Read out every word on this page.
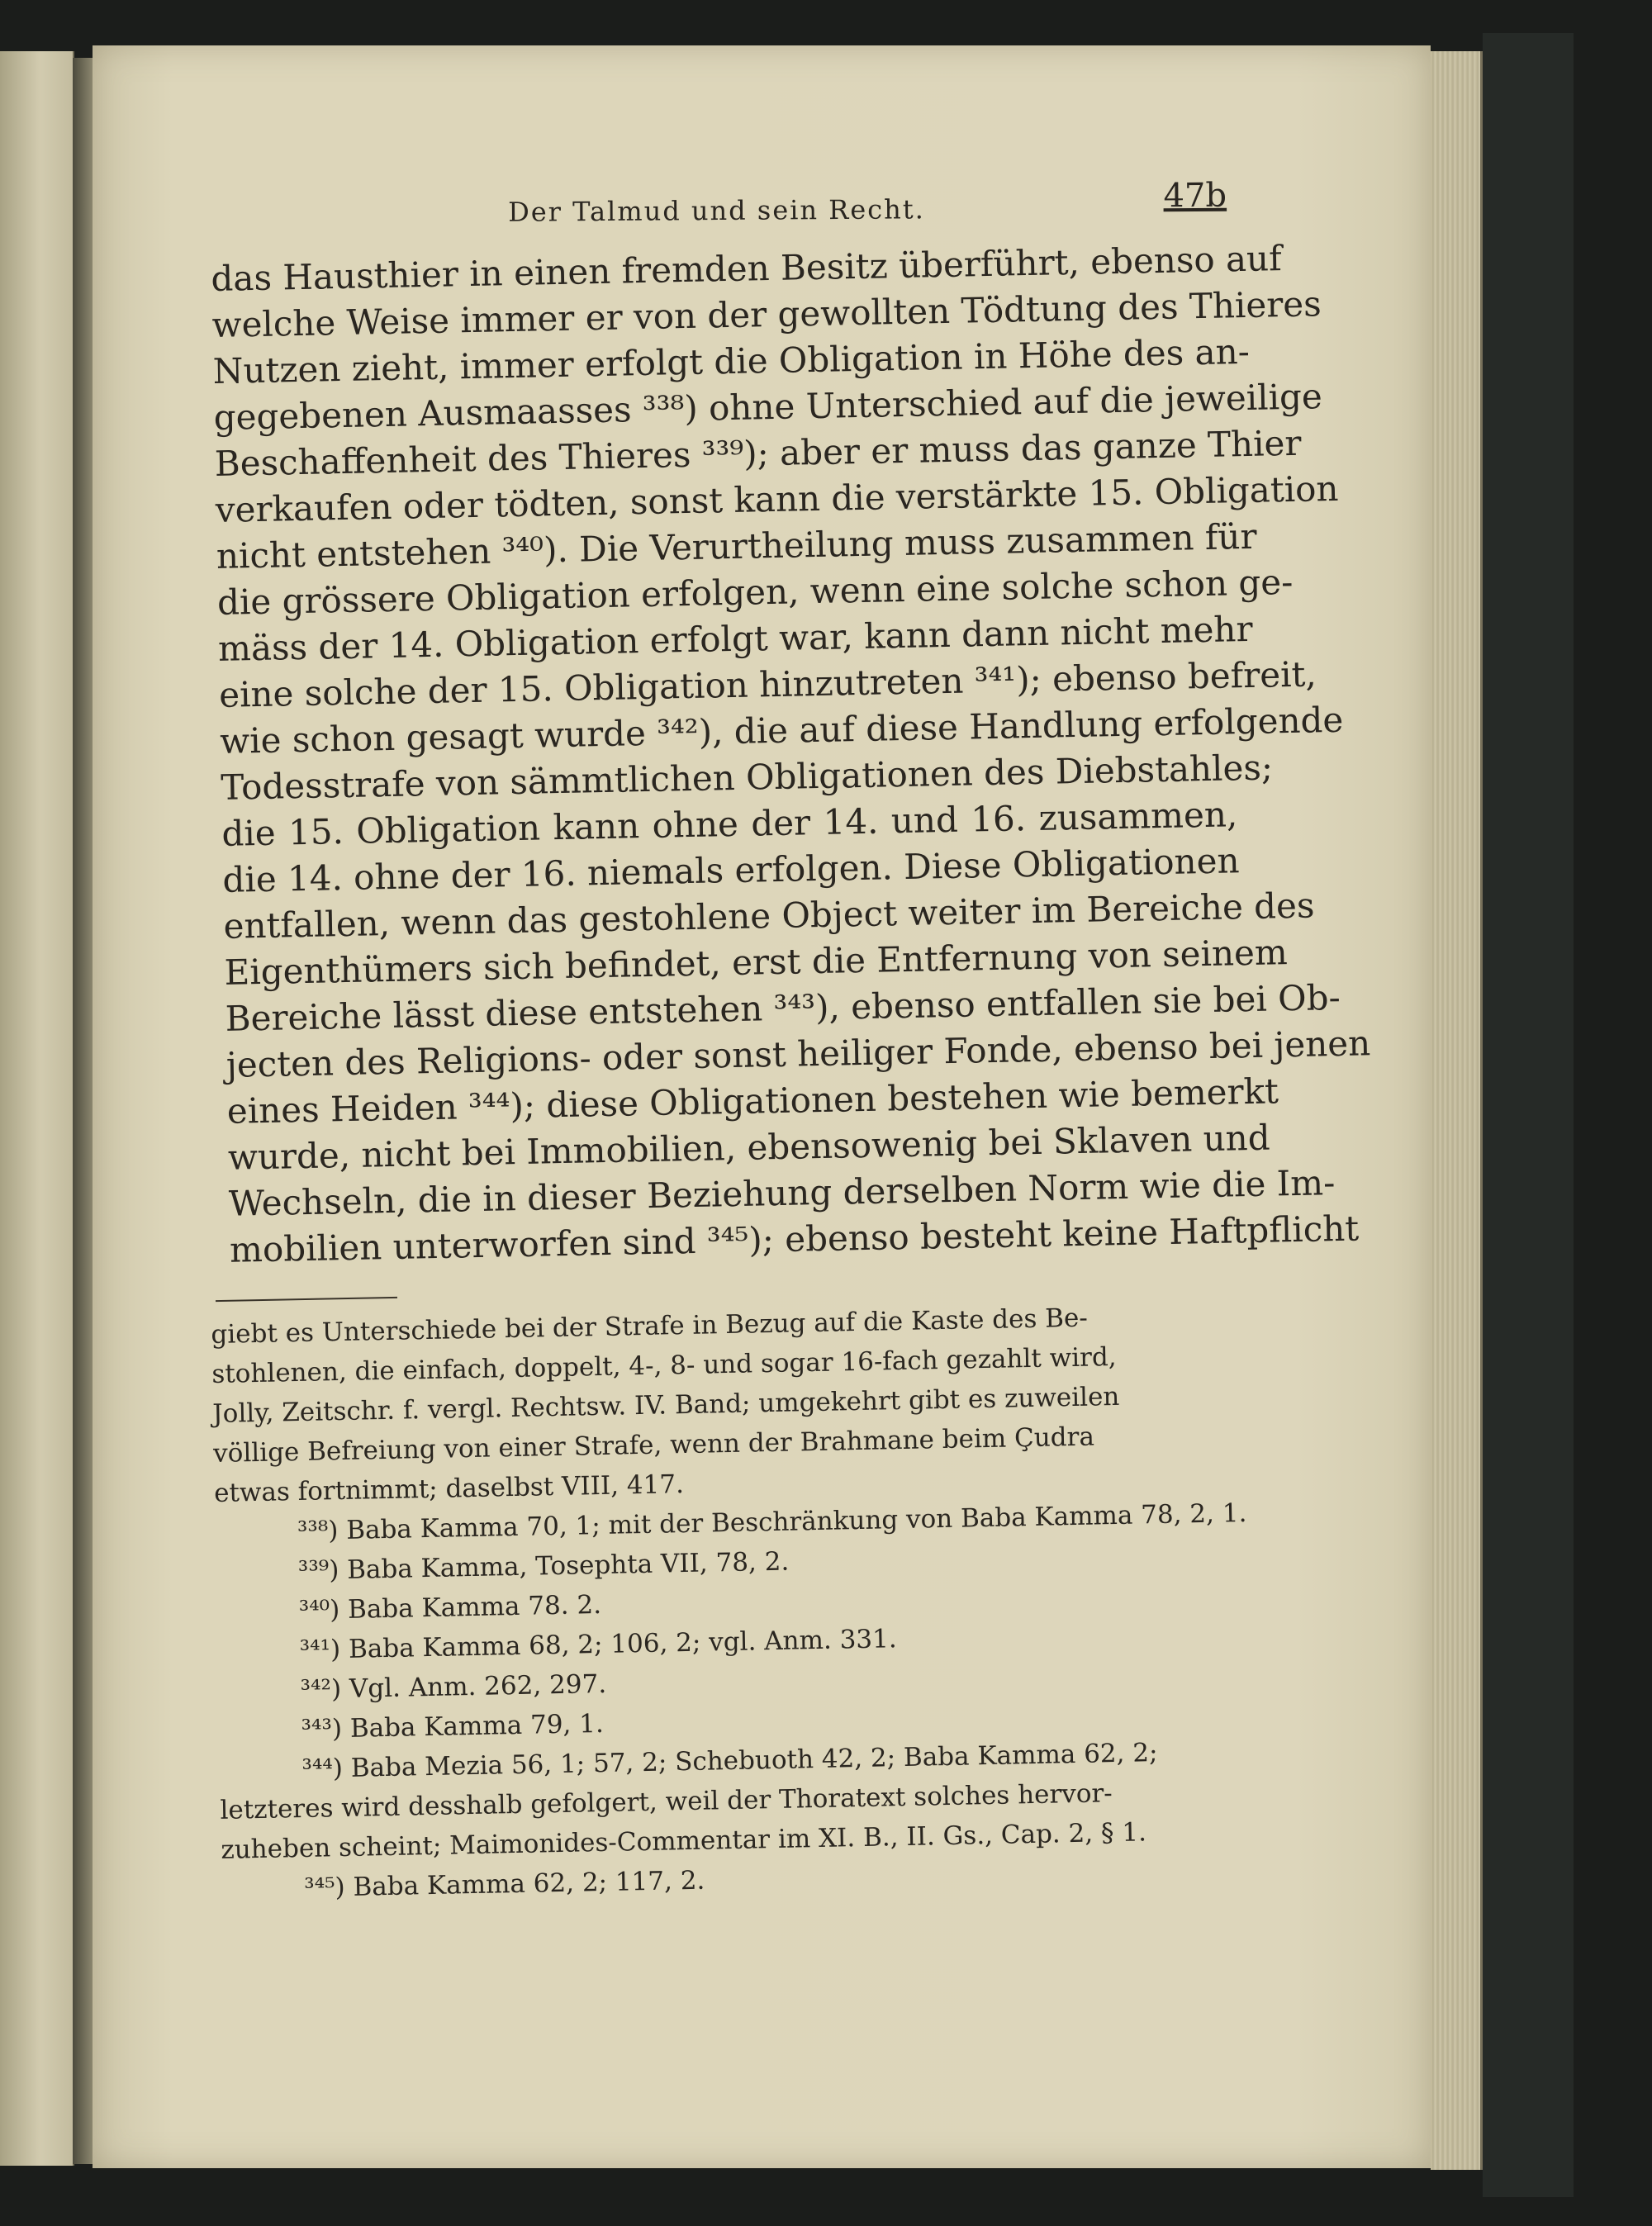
Der Talmud und sein Recht.	47b
das Hausthier in einen fremden Besitz überführt, ebenso auf
welche Weise immer er von der gewollten Tödtung des Thieres
Nutzen zieht, immer erfolgt die Obligation in Höhe des an-
gegebenen Ausmaasses ³³⁸) ohne Unterschied auf die jeweilige
Beschaffenheit des Thieres ³³⁹); aber er muss das ganze Thier
verkaufen oder tödten, sonst kann die verstärkte 15. Obligation
nicht entstehen ³⁴⁰). Die Verurtheilung muss zusammen für
die grössere Obligation erfolgen, wenn eine solche schon ge-
mäss der 14. Obligation erfolgt war, kann dann nicht mehr
eine solche der 15. Obligation hinzutreten ³⁴¹); ebenso befreit,
wie schon gesagt wurde ³⁴²), die auf diese Handlung erfolgende
Todesstrafe von sämmtlichen Obligationen des Diebstahles;
die 15. Obligation kann ohne der 14. und 16. zusammen,
die 14. ohne der 16. niemals erfolgen. Diese Obligationen
entfallen, wenn das gestohlene Object weiter im Bereiche des
Eigenthümers sich befindet, erst die Entfernung von seinem
Bereiche lässt diese entstehen ³⁴³), ebenso entfallen sie bei Ob-
jecten des Religions- oder sonst heiliger Fonde, ebenso bei jenen
eines Heiden ³⁴⁴); diese Obligationen bestehen wie bemerkt
wurde, nicht bei Immobilien, ebensowenig bei Sklaven und
Wechseln, die in dieser Beziehung derselben Norm wie die Im-
mobilien unterworfen sind ³⁴⁵); ebenso besteht keine Haftpflicht
giebt es Unterschiede bei der Strafe in Bezug auf die Kaste des Be-
stohlenen, die einfach, doppelt, 4-, 8- und sogar 16-fach gezahlt wird,
Jolly, Zeitschr. f. vergl. Rechtsw. IV. Band; umgekehrt gibt es zuweilen
völlige Befreiung von einer Strafe, wenn der Brahmane beim Çudra
etwas fortnimmt; daselbst VIII, 417.
³³⁸) Baba Kamma 70, 1; mit der Beschränkung von Baba Kamma 78, 2, 1.
³³⁹) Baba Kamma, Tosephta VII, 78, 2.
³⁴⁰) Baba Kamma 78. 2.
³⁴¹) Baba Kamma 68, 2; 106, 2; vgl. Anm. 331.
³⁴²) Vgl. Anm. 262, 297.
³⁴³) Baba Kamma 79, 1.
³⁴⁴) Baba Mezia 56, 1; 57, 2; Schebuoth 42, 2; Baba Kamma 62, 2;
letzteres wird desshalb gefolgert, weil der Thoratext solches hervor-
zuheben scheint; Maimonides-Commentar im XI. B., II. Gs., Cap. 2, § 1.
³⁴⁵) Baba Kamma 62, 2; 117, 2.
